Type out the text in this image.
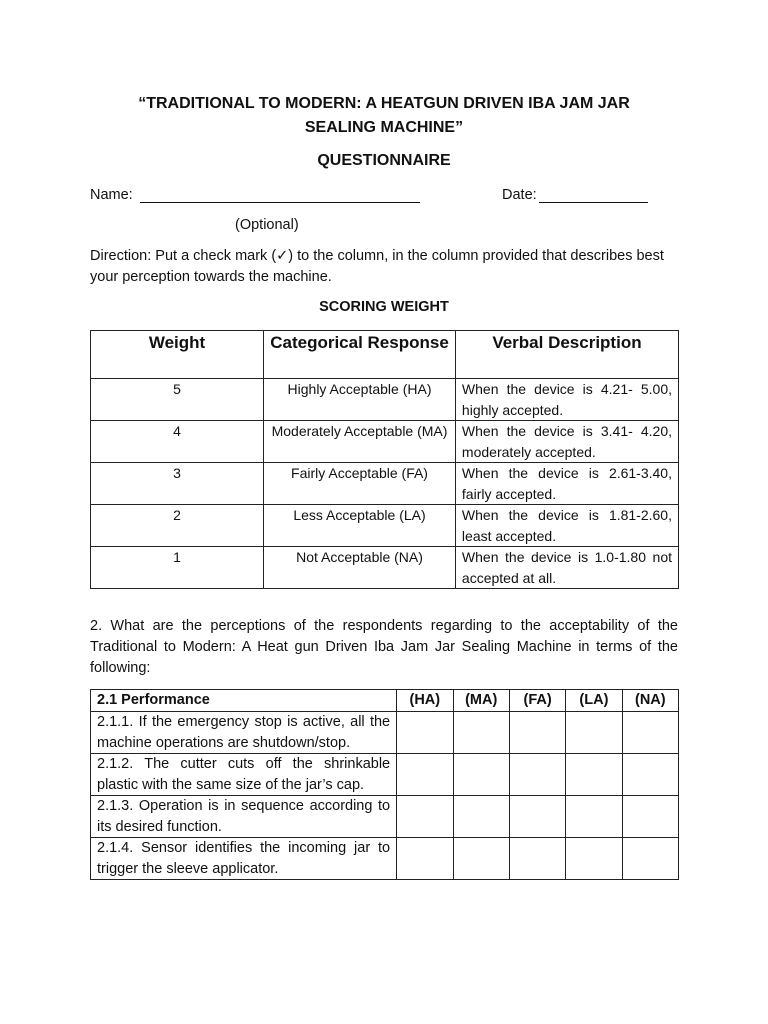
“TRADITIONAL TO MODERN: A HEATGUN DRIVEN IBA JAM JAR
SEALING MACHINE”
QUESTIONNAIRE
Name:	Date:
(Optional)
Direction: Put a check mark (✓) to the column, in the column provided that describes best your perception towards the machine.
SCORING WEIGHT
Weight	Categorical Response	Verbal Description
5	Highly Acceptable (HA)	When the device is 4.21- 5.00, highly accepted.
4	Moderately Acceptable (MA)	When the device is 3.41- 4.20, moderately accepted.
3	Fairly Acceptable (FA)	When the device is 2.61-3.40, fairly accepted.
2	Less Acceptable (LA)	When the device is 1.81-2.60, least accepted.
1	Not Acceptable (NA)	When the device is 1.0-1.80 not accepted at all.
2. What are the perceptions of the respondents regarding to the acceptability of the Traditional to Modern: A Heat gun Driven Iba Jam Jar Sealing Machine in terms of the following:
2.1 Performance	(HA)	(MA)	(FA)	(LA)	(NA)
2.1.1. If the emergency stop is active, all the machine operations are shutdown/stop.					
2.1.2. The cutter cuts off the shrinkable plastic with the same size of the jar’s cap.					
2.1.3. Operation is in sequence according to its desired function.					
2.1.4. Sensor identifies the incoming jar to trigger the sleeve applicator.					
